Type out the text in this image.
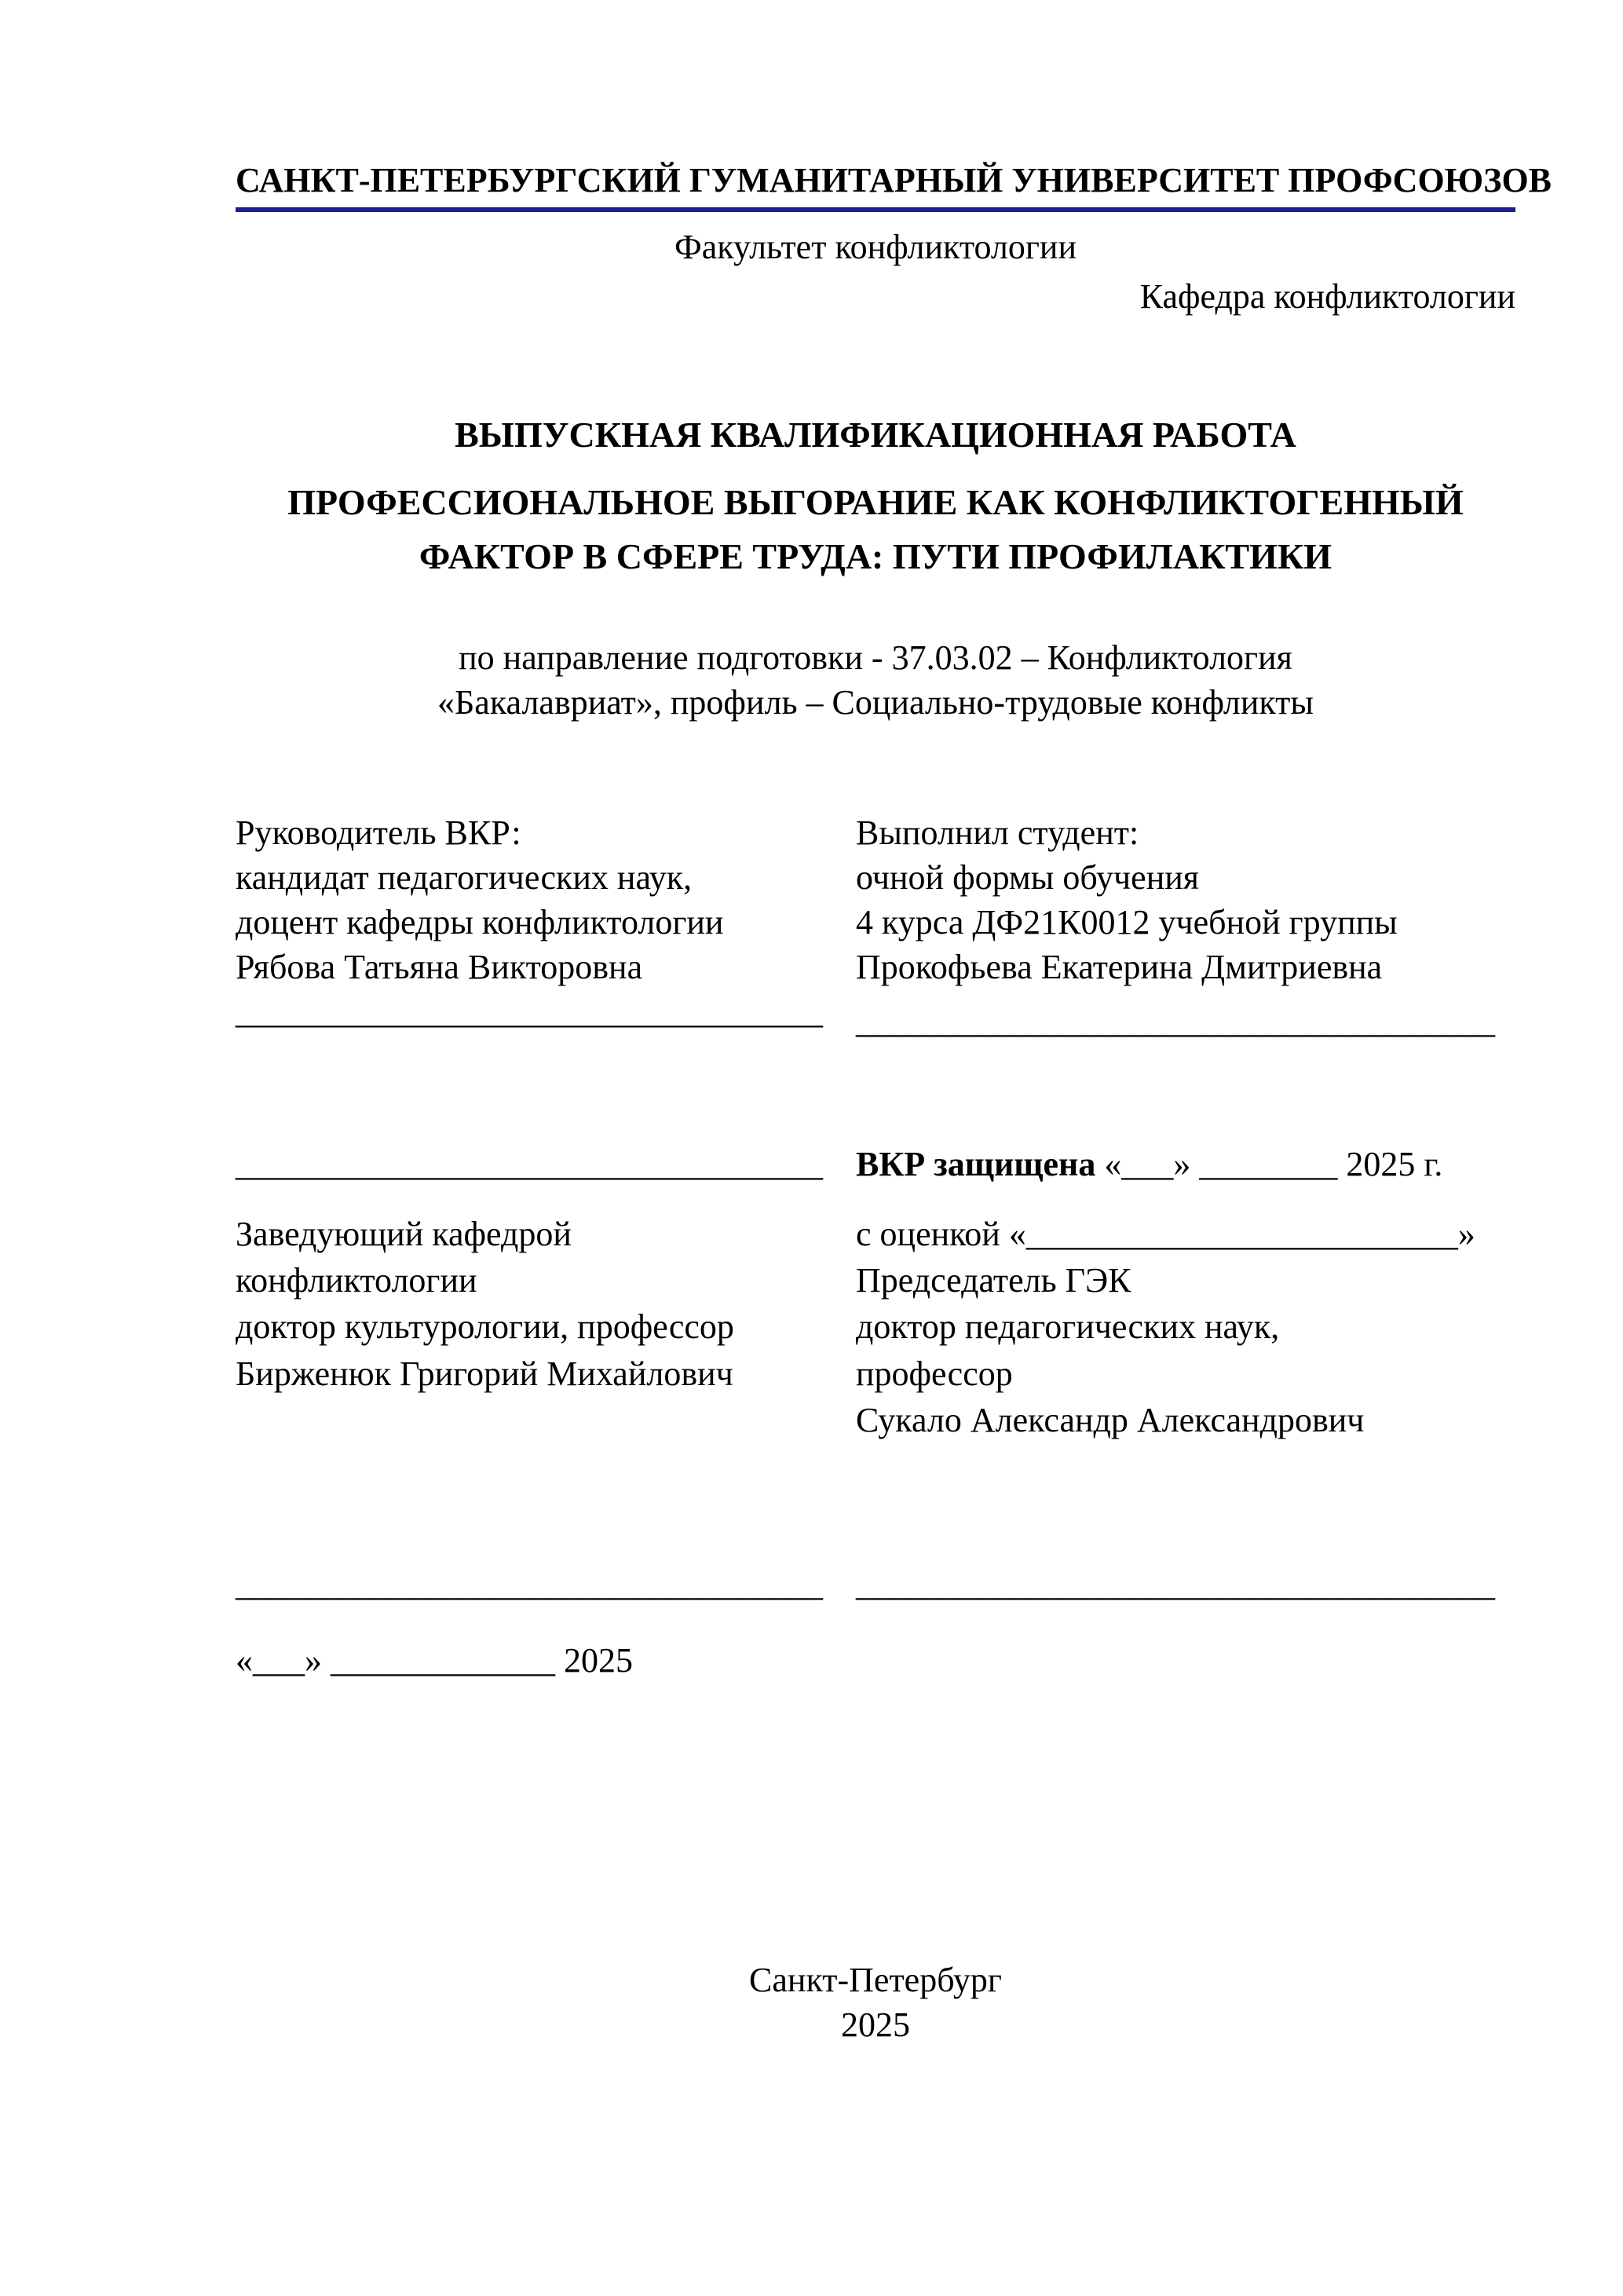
САНКТ-ПЕТЕРБУРГСКИЙ ГУМАНИТАРНЫЙ УНИВЕРСИТЕТ ПРОФСОЮЗОВ
Факультет конфликтологии
Кафедра конфликтологии
ВЫПУСКНАЯ КВАЛИФИКАЦИОННАЯ РАБОТА
ПРОФЕССИОНАЛЬНОЕ ВЫГОРАНИЕ КАК КОНФЛИКТОГЕННЫЙ
ФАКТОР В СФЕРЕ ТРУДА: ПУТИ ПРОФИЛАКТИКИ
по направление подготовки - 37.03.02 – Конфликтология
«Бакалавриат», профиль – Социально-трудовые конфликты
Руководитель ВКР:
кандидат педагогических наук,
доцент кафедры конфликтологии
Рябова Татьяна Викторовна
__________________________________
Выполнил студент:
очной формы обучения
4 курса ДФ21К0012 учебной группы
Прокофьева Екатерина Дмитриевна
_____________________________________
__________________________________ ВКР защищена «___» ________ 2025 г.
Заведующий кафедрой
конфликтологии
доктор культурологии, профессор
Бирженюк Григорий Михайлович
с оценкой «_________________________»
Председатель ГЭК
доктор педагогических наук,
профессор
Сукало Александр Александрович
__________________________________ _____________________________________
«___» _____________ 2025
Санкт-Петербург
2025
